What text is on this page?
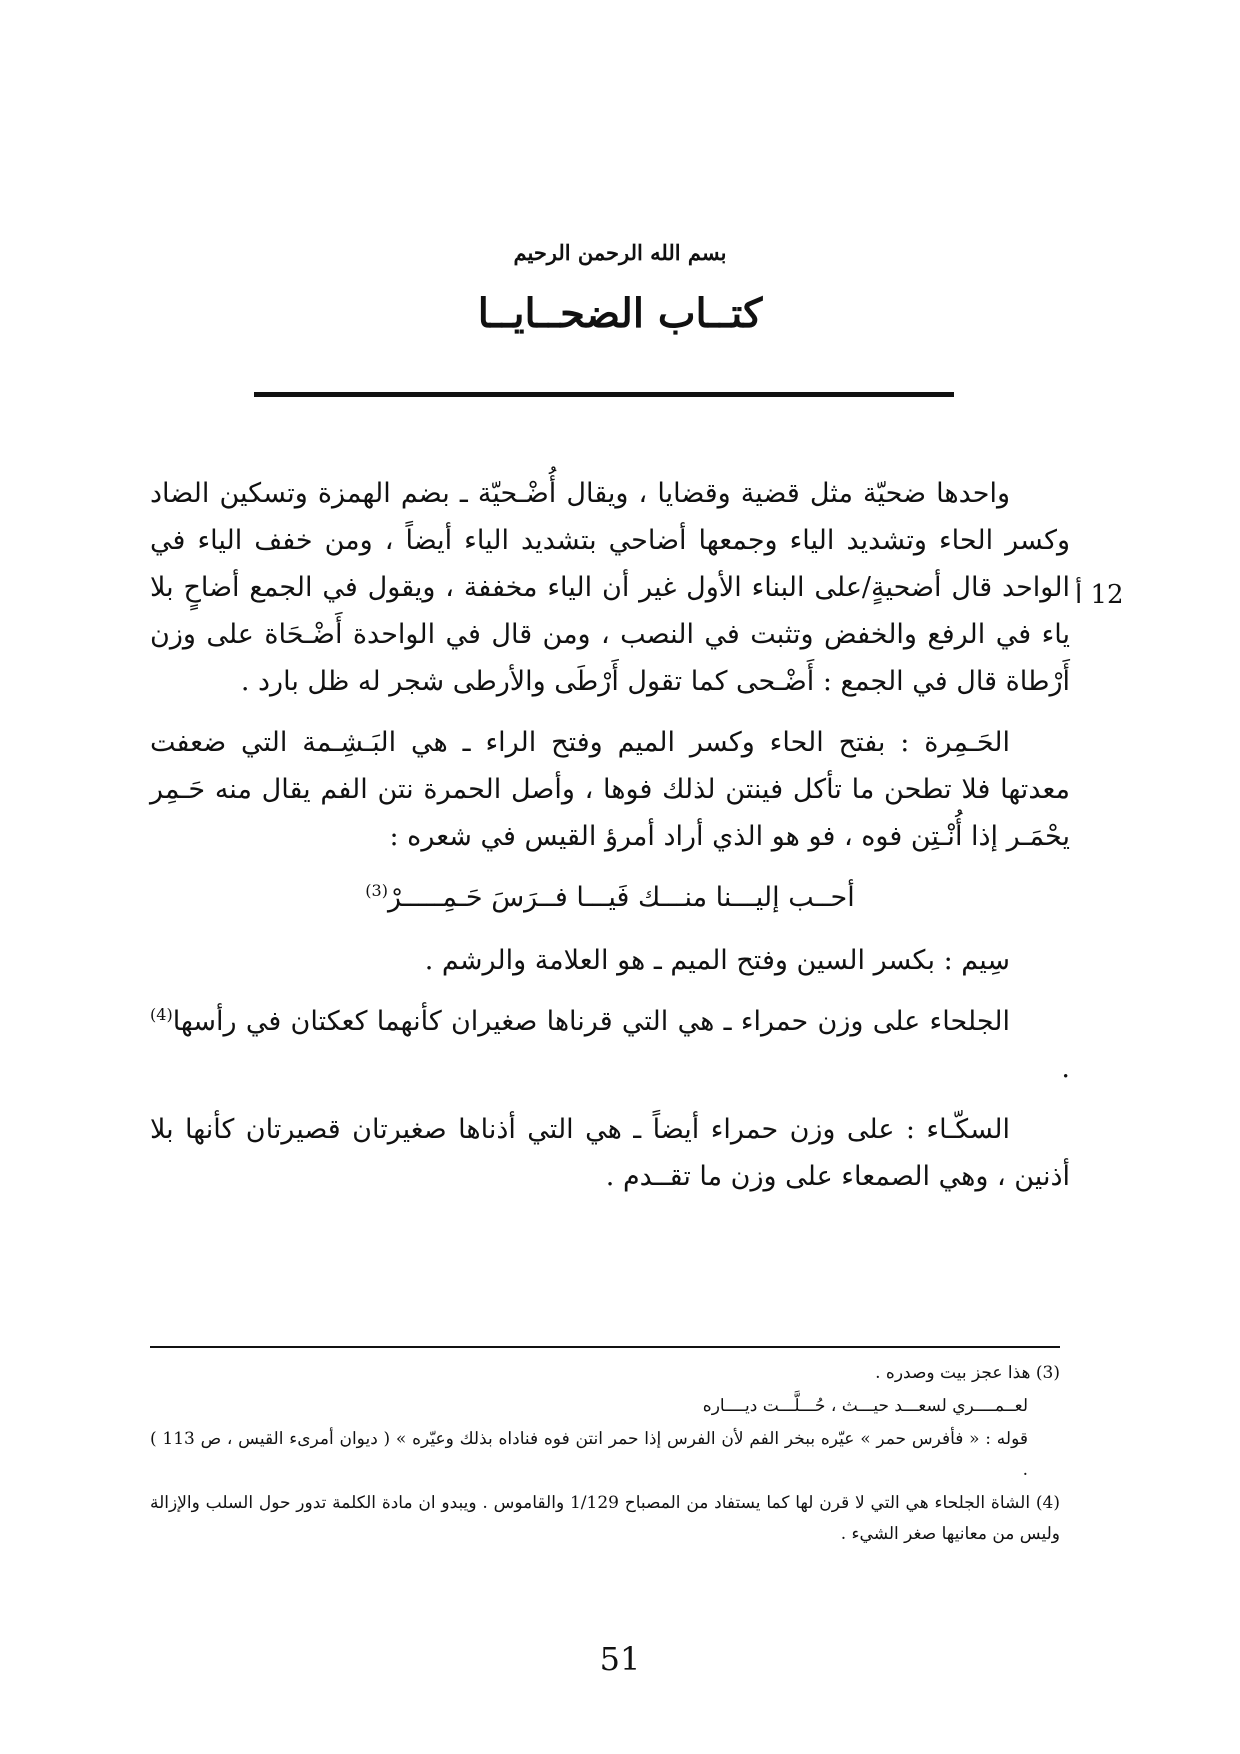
بسم الله الرحمن الرحيم
كتــاب الضحــايــا
12 أ

واحدها ضحيّة مثل قضية وقضايا ، ويقال أُضْـحيّة ـ بضم الهمزة وتسكين الضاد وكسر الحاء وتشديد الياء وجمعها أضاحي بتشديد الياء أيضاً ، ومن خفف الياء في الواحد قال أضحيةٍ/على البناء الأول غير أن الياء مخففة ، ويقول في الجمع أضاحٍ بلا ياء في الرفع والخفض وتثبت في النصب ، ومن قال في الواحدة أَضْـحَاة على وزن أَرْطاة قال في الجمع : أَضْـحى كما تقول أَرْطَى والأرطى شجر له ظل بارد .

الحَـمِرة : بفتح الحاء وكسر الميم وفتح الراء ـ هي البَـشِـمة التي ضعفت معدتها فلا تطحن ما تأكل فينتن لذلك فوها ، وأصل الحمرة نتن الفم يقال منه حَـمِر يحْمَـر إذا أُنْـتِن فوه ، فو هو الذي أراد أمرؤ القيس في شعره :

أحــب إليـــنا منـــك فَيـــا فــرَسَ حَـمِـــــرْ$^{(3)}$

سِيم : بكسر السين وفتح الميم ـ هو العلامة والرشم .

الجلحاء على وزن حمراء ـ هي التي قرناها صغيران كأنهما كعكتان في رأسها$^{(4)}$ .

السكّـاء : على وزن حمراء أيضاً ـ هي التي أذناها صغيرتان قصيرتان كأنها بلا أذنين ، وهي الصمعاء على وزن ما تقــدم .

(3) هذا عجز بيت وصدره .

لعــمــــري لسعـــد حيـــث ، حُـــلَّـــت ديــــاره

قوله : « فأفرس حمر » عيّره ببخر الفم لأن الفرس إذا حمر انتن فوه فناداه بذلك وعيّره » ( ديوان أمرىء القيس ، ص 113 ) .

(4) الشاة الجلحاء هي التي لا قرن لها كما يستفاد من المصباح 1/129 والقاموس . ويبدو ان مادة الكلمة تدور حول السلب والإزالة وليس من معانيها صغر الشيء .

51
